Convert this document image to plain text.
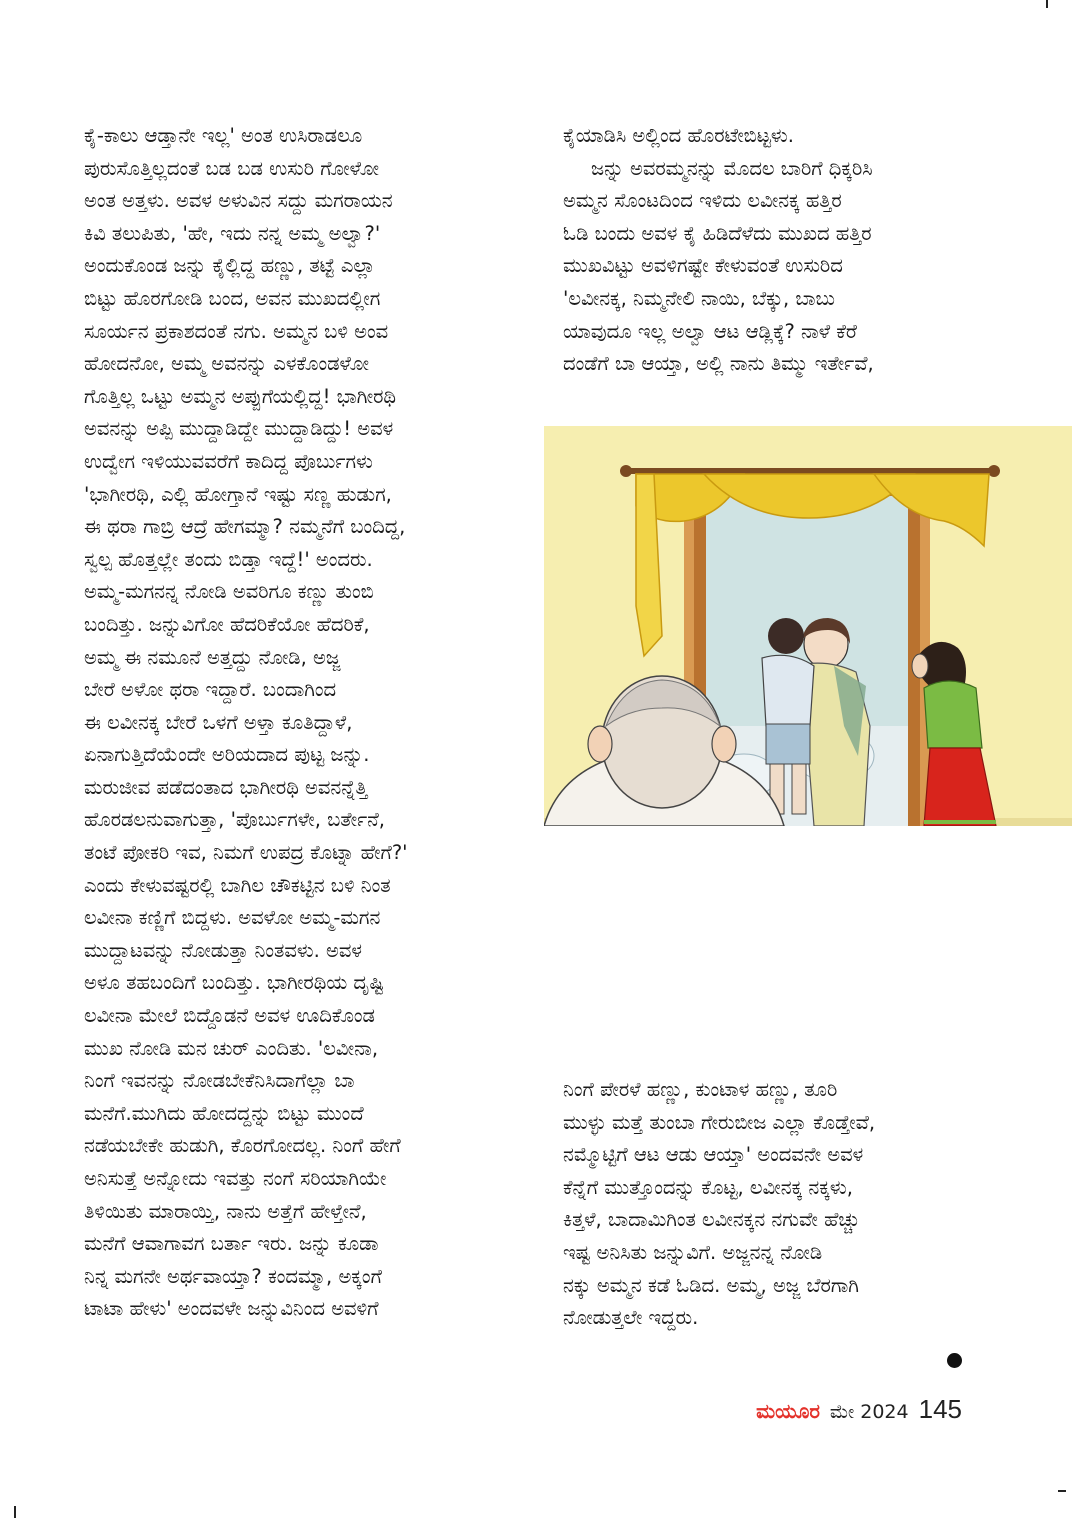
ಕೈ-ಕಾಲು ಆಡ್ತಾನೇ ಇಲ್ಲ' ಅಂತ ಉಸಿರಾಡಲೂ
ಪುರುಸೊತ್ತಿಲ್ಲದಂತೆ ಬಡ ಬಡ ಉಸುರಿ ಗೋಳೋ
ಅಂತ ಅತ್ತಳು. ಅವಳ ಅಳುವಿನ ಸದ್ದು ಮಗರಾಯನ
ಕಿವಿ ತಲುಪಿತು, 'ಹೇ, ಇದು ನನ್ನ ಅಮ್ಮ ಅಲ್ವಾ?'
ಅಂದುಕೊಂಡ ಜನ್ನು ಕೈಲ್ಲಿದ್ದ ಹಣ್ಣು, ತಟ್ಟೆ ಎಲ್ಲಾ
ಬಿಟ್ಟು ಹೊರಗೋಡಿ ಬಂದ, ಅವನ ಮುಖದಲ್ಲೀಗ
ಸೂರ್ಯನ ಪ್ರಕಾಶದಂತೆ ನಗು. ಅಮ್ಮನ ಬಳಿ ಅಂವ
ಹೋದನೋ, ಅಮ್ಮ ಅವನನ್ನು ಎಳಕೊಂಡಳೋ
ಗೊತ್ತಿಲ್ಲ ಒಟ್ಟು ಅಮ್ಮನ ಅಪ್ಪುಗೆಯಲ್ಲಿದ್ದ! ಭಾಗೀರಥಿ
ಅವನನ್ನು ಅಪ್ಪಿ ಮುದ್ದಾಡಿದ್ದೇ ಮುದ್ದಾಡಿದ್ದು! ಅವಳ
ಉದ್ವೇಗ ಇಳಿಯುವವರೆಗೆ ಕಾದಿದ್ದ ಪೊರ್ಬುಗಳು
'ಭಾಗೀರಥಿ, ಎಲ್ಲಿ ಹೋಗ್ತಾನೆ ಇಷ್ಟು ಸಣ್ಣ ಹುಡುಗ,
ಈ ಥರಾ ಗಾಬ್ರಿ ಆದ್ರೆ ಹೇಗಮ್ಮಾ? ನಮ್ಮನೆಗೆ ಬಂದಿದ್ದ,
ಸ್ವಲ್ಪ ಹೊತ್ತಲ್ಲೇ ತಂದು ಬಿಡ್ತಾ ಇದ್ದೆ!' ಅಂದರು.
ಅಮ್ಮ-ಮಗನನ್ನ ನೋಡಿ ಅವರಿಗೂ ಕಣ್ಣು ತುಂಬಿ
ಬಂದಿತ್ತು. ಜನ್ನುವಿಗೋ ಹೆದರಿಕೆಯೋ ಹೆದರಿಕೆ,
ಅಮ್ಮ ಈ ನಮೂನೆ ಅತ್ತದ್ದು ನೋಡಿ, ಅಜ್ಜ
ಬೇರೆ ಅಳೋ ಥರಾ ಇದ್ದಾರೆ. ಬಂದಾಗಿಂದ
ಈ ಲವೀನಕ್ಕ ಬೇರೆ ಒಳಗೆ ಅಳ್ತಾ ಕೂತಿದ್ದಾಳೆ,
ಏನಾಗುತ್ತಿದೆಯೆಂದೇ ಅರಿಯದಾದ ಪುಟ್ಟ ಜನ್ನು.
ಮರುಜೀವ ಪಡೆದಂತಾದ ಭಾಗೀರಥಿ ಅವನನ್ನೆತ್ತಿ
ಹೊರಡಲನುವಾಗುತ್ತಾ, 'ಪೊರ್ಬುಗಳೇ, ಬರ್ತೇನೆ,
ತಂಟೆ ಪೋಕರಿ ಇವ, ನಿಮಗೆ ಉಪದ್ರ ಕೊಟ್ನಾ ಹೇಗೆ?'
ಎಂದು ಕೇಳುವಷ್ಟರಲ್ಲಿ ಬಾಗಿಲ ಚೌಕಟ್ಟಿನ ಬಳಿ ನಿಂತ
ಲವೀನಾ ಕಣ್ಣಿಗೆ ಬಿದ್ದಳು. ಅವಳೋ ಅಮ್ಮ-ಮಗನ
ಮುದ್ದಾಟವನ್ನು ನೋಡುತ್ತಾ ನಿಂತವಳು. ಅವಳ
ಅಳೂ ತಹಬಂದಿಗೆ ಬಂದಿತ್ತು. ಭಾಗೀರಥಿಯ ದೃಷ್ಟಿ
ಲವೀನಾ ಮೇಲೆ ಬಿದ್ದೊಡನೆ ಅವಳ ಊದಿಕೊಂಡ
ಮುಖ ನೋಡಿ ಮನ ಚುರ್ ಎಂದಿತು. 'ಲವೀನಾ,
ನಿಂಗೆ ಇವನನ್ನು ನೋಡಬೇಕೆನಿಸಿದಾಗೆಲ್ಲಾ ಬಾ
ಮನೆಗೆ.ಮುಗಿದು ಹೋದದ್ದನ್ನು ಬಿಟ್ಟು ಮುಂದೆ
ನಡೆಯಬೇಕೇ ಹುಡುಗಿ, ಕೊರಗೋದಲ್ಲ. ನಿಂಗೆ ಹೇಗೆ
ಅನಿಸುತ್ತೆ ಅನ್ನೋದು ಇವತ್ತು ನಂಗೆ ಸರಿಯಾಗಿಯೇ
ತಿಳಿಯಿತು ಮಾರಾಯ್ತಿ, ನಾನು ಅತ್ತೆಗೆ ಹೇಳ್ತೇನೆ,
ಮನೆಗೆ ಆವಾಗಾವಗ ಬರ್ತಾ ಇರು. ಜನ್ನು ಕೂಡಾ
ನಿನ್ನ ಮಗನೇ ಅರ್ಥವಾಯ್ತಾ? ಕಂದಮ್ಮಾ, ಅಕ್ಕಂಗೆ
ಟಾಟಾ ಹೇಳು' ಅಂದವಳೇ ಜನ್ನುವಿನಿಂದ ಅವಳಿಗೆ
ಕೈಯಾಡಿಸಿ ಅಲ್ಲಿಂದ ಹೊರಟೇಬಿಟ್ಟಳು.
ಜನ್ನು ಅವರಮ್ಮನನ್ನು ಮೊದಲ ಬಾರಿಗೆ ಧಿಕ್ಕರಿಸಿ
ಅಮ್ಮನ ಸೊಂಟದಿಂದ ಇಳಿದು ಲವೀನಕ್ಕ ಹತ್ತಿರ
ಓಡಿ ಬಂದು ಅವಳ ಕೈ ಹಿಡಿದೆಳೆದು ಮುಖದ ಹತ್ತಿರ
ಮುಖವಿಟ್ಟು ಅವಳಿಗಷ್ಟೇ ಕೇಳುವಂತೆ ಉಸುರಿದ
'ಲವೀನಕ್ಕ, ನಿಮ್ಮನೇಲಿ ನಾಯಿ, ಬೆಕ್ಕು, ಬಾಬು
ಯಾವುದೂ ಇಲ್ಲ ಅಲ್ವಾ ಆಟ ಆಡ್ಲಿಕ್ಕೆ? ನಾಳೆ ಕೆರೆ
ದಂಡೆಗೆ ಬಾ ಆಯ್ತಾ, ಅಲ್ಲಿ ನಾನು ತಿಮ್ಮು ಇರ್ತೇವೆ,
ನಿಂಗೆ ಪೇರಳೆ ಹಣ್ಣು, ಕುಂಟಾಳ ಹಣ್ಣು, ತೂರಿ
ಮುಳ್ಳು ಮತ್ತೆ ತುಂಬಾ ಗೇರುಬೀಜ ಎಲ್ಲಾ ಕೊಡ್ತೇವೆ,
ನಮ್ಮೊಟ್ಟಿಗೆ ಆಟ ಆಡು ಆಯ್ತಾ' ಅಂದವನೇ ಅವಳ
ಕೆನ್ನೆಗೆ ಮುತ್ತೊಂದನ್ನು ಕೊಟ್ಟ, ಲವೀನಕ್ಕ ನಕ್ಕಳು,
ಕಿತ್ತಳೆ, ಬಾದಾಮಿಗಿಂತ ಲವೀನಕ್ಕನ ನಗುವೇ ಹೆಚ್ಚು
ಇಷ್ಟ ಅನಿಸಿತು ಜನ್ನುವಿಗೆ. ಅಜ್ಜನನ್ನ ನೋಡಿ
ನಕ್ಕು ಅಮ್ಮನ ಕಡೆ ಓಡಿದ. ಅಮ್ಮ, ಅಜ್ಜ ಬೆರಗಾಗಿ
ನೋಡುತ್ತಲೇ ಇದ್ದರು.
ಮಯೂರ ಮೇ 2024 145
